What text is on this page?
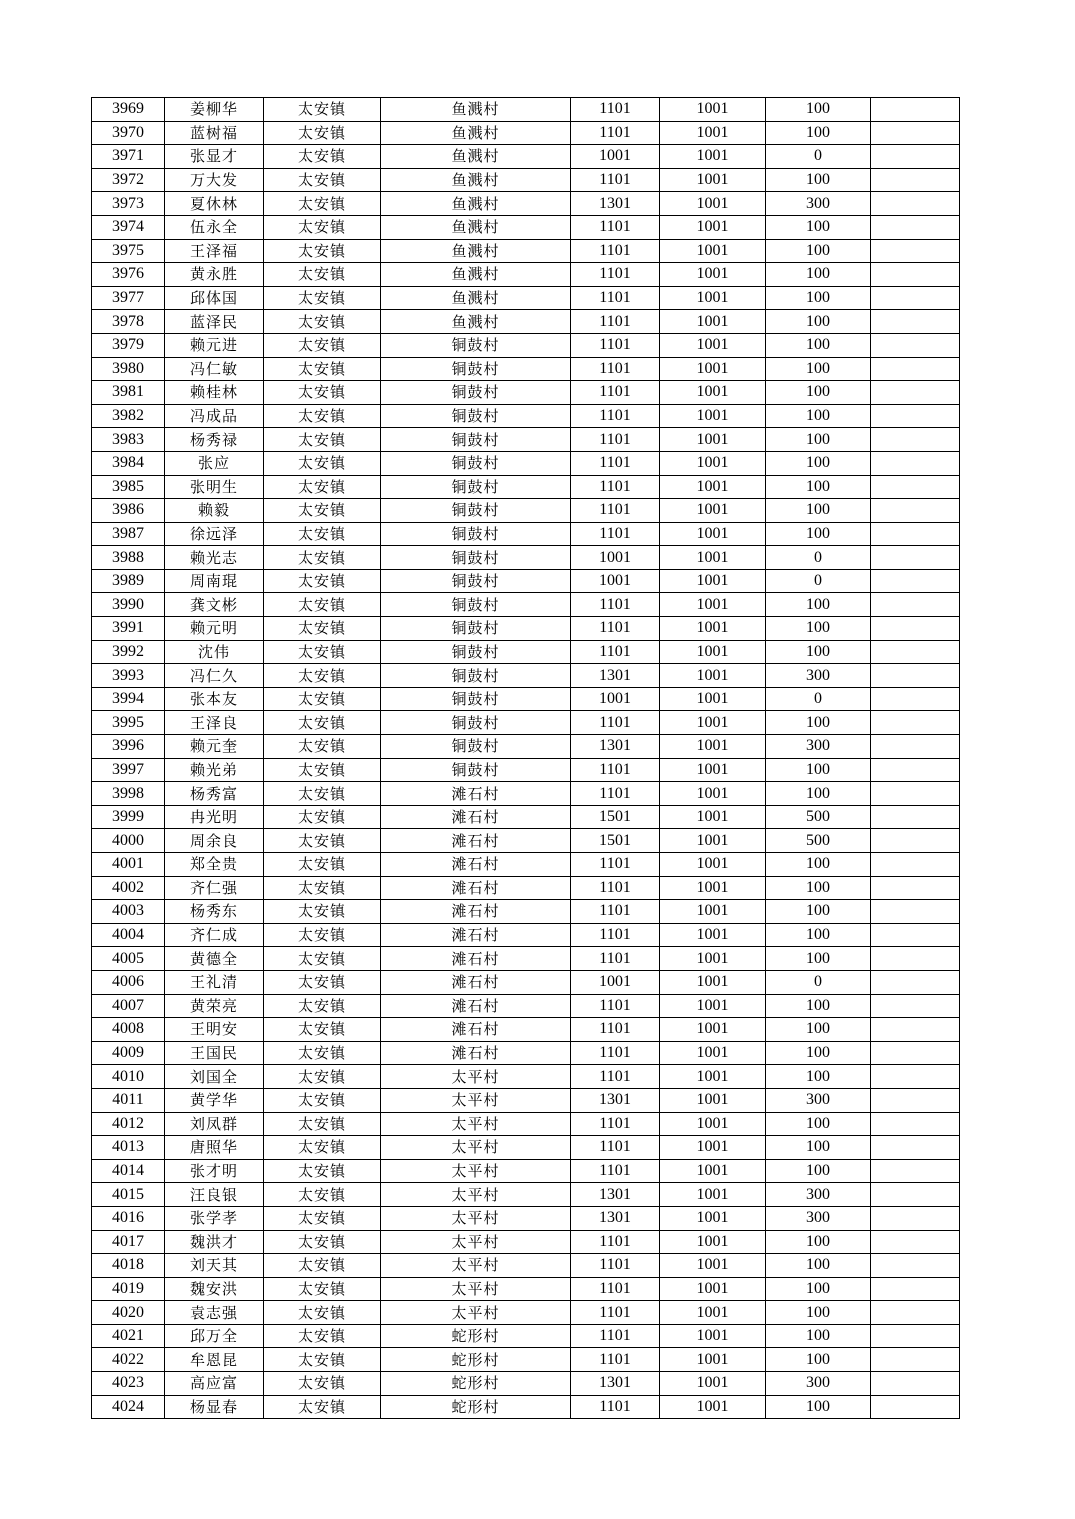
3969	姜柳华	太安镇	鱼溅村	1101	1001	100	
3970	蓝树福	太安镇	鱼溅村	1101	1001	100	
3971	张显才	太安镇	鱼溅村	1001	1001	0	
3972	万大发	太安镇	鱼溅村	1101	1001	100	
3973	夏休林	太安镇	鱼溅村	1301	1001	300	
3974	伍永全	太安镇	鱼溅村	1101	1001	100	
3975	王泽福	太安镇	鱼溅村	1101	1001	100	
3976	黄永胜	太安镇	鱼溅村	1101	1001	100	
3977	邱体国	太安镇	鱼溅村	1101	1001	100	
3978	蓝泽民	太安镇	鱼溅村	1101	1001	100	
3979	赖元进	太安镇	铜鼓村	1101	1001	100	
3980	冯仁敏	太安镇	铜鼓村	1101	1001	100	
3981	赖桂林	太安镇	铜鼓村	1101	1001	100	
3982	冯成品	太安镇	铜鼓村	1101	1001	100	
3983	杨秀禄	太安镇	铜鼓村	1101	1001	100	
3984	张应	太安镇	铜鼓村	1101	1001	100	
3985	张明生	太安镇	铜鼓村	1101	1001	100	
3986	赖毅	太安镇	铜鼓村	1101	1001	100	
3987	徐远泽	太安镇	铜鼓村	1101	1001	100	
3988	赖光志	太安镇	铜鼓村	1001	1001	0	
3989	周南琨	太安镇	铜鼓村	1001	1001	0	
3990	龚文彬	太安镇	铜鼓村	1101	1001	100	
3991	赖元明	太安镇	铜鼓村	1101	1001	100	
3992	沈伟	太安镇	铜鼓村	1101	1001	100	
3993	冯仁久	太安镇	铜鼓村	1301	1001	300	
3994	张本友	太安镇	铜鼓村	1001	1001	0	
3995	王泽良	太安镇	铜鼓村	1101	1001	100	
3996	赖元奎	太安镇	铜鼓村	1301	1001	300	
3997	赖光弟	太安镇	铜鼓村	1101	1001	100	
3998	杨秀富	太安镇	滩石村	1101	1001	100	
3999	冉光明	太安镇	滩石村	1501	1001	500	
4000	周余良	太安镇	滩石村	1501	1001	500	
4001	郑全贵	太安镇	滩石村	1101	1001	100	
4002	齐仁强	太安镇	滩石村	1101	1001	100	
4003	杨秀东	太安镇	滩石村	1101	1001	100	
4004	齐仁成	太安镇	滩石村	1101	1001	100	
4005	黄德全	太安镇	滩石村	1101	1001	100	
4006	王礼清	太安镇	滩石村	1001	1001	0	
4007	黄荣亮	太安镇	滩石村	1101	1001	100	
4008	王明安	太安镇	滩石村	1101	1001	100	
4009	王国民	太安镇	滩石村	1101	1001	100	
4010	刘国全	太安镇	太平村	1101	1001	100	
4011	黄学华	太安镇	太平村	1301	1001	300	
4012	刘凤群	太安镇	太平村	1101	1001	100	
4013	唐照华	太安镇	太平村	1101	1001	100	
4014	张才明	太安镇	太平村	1101	1001	100	
4015	汪良银	太安镇	太平村	1301	1001	300	
4016	张学孝	太安镇	太平村	1301	1001	300	
4017	魏洪才	太安镇	太平村	1101	1001	100	
4018	刘天其	太安镇	太平村	1101	1001	100	
4019	魏安洪	太安镇	太平村	1101	1001	100	
4020	袁志强	太安镇	太平村	1101	1001	100	
4021	邱万全	太安镇	蛇形村	1101	1001	100	
4022	牟恩昆	太安镇	蛇形村	1101	1001	100	
4023	高应富	太安镇	蛇形村	1301	1001	300	
4024	杨显春	太安镇	蛇形村	1101	1001	100	
